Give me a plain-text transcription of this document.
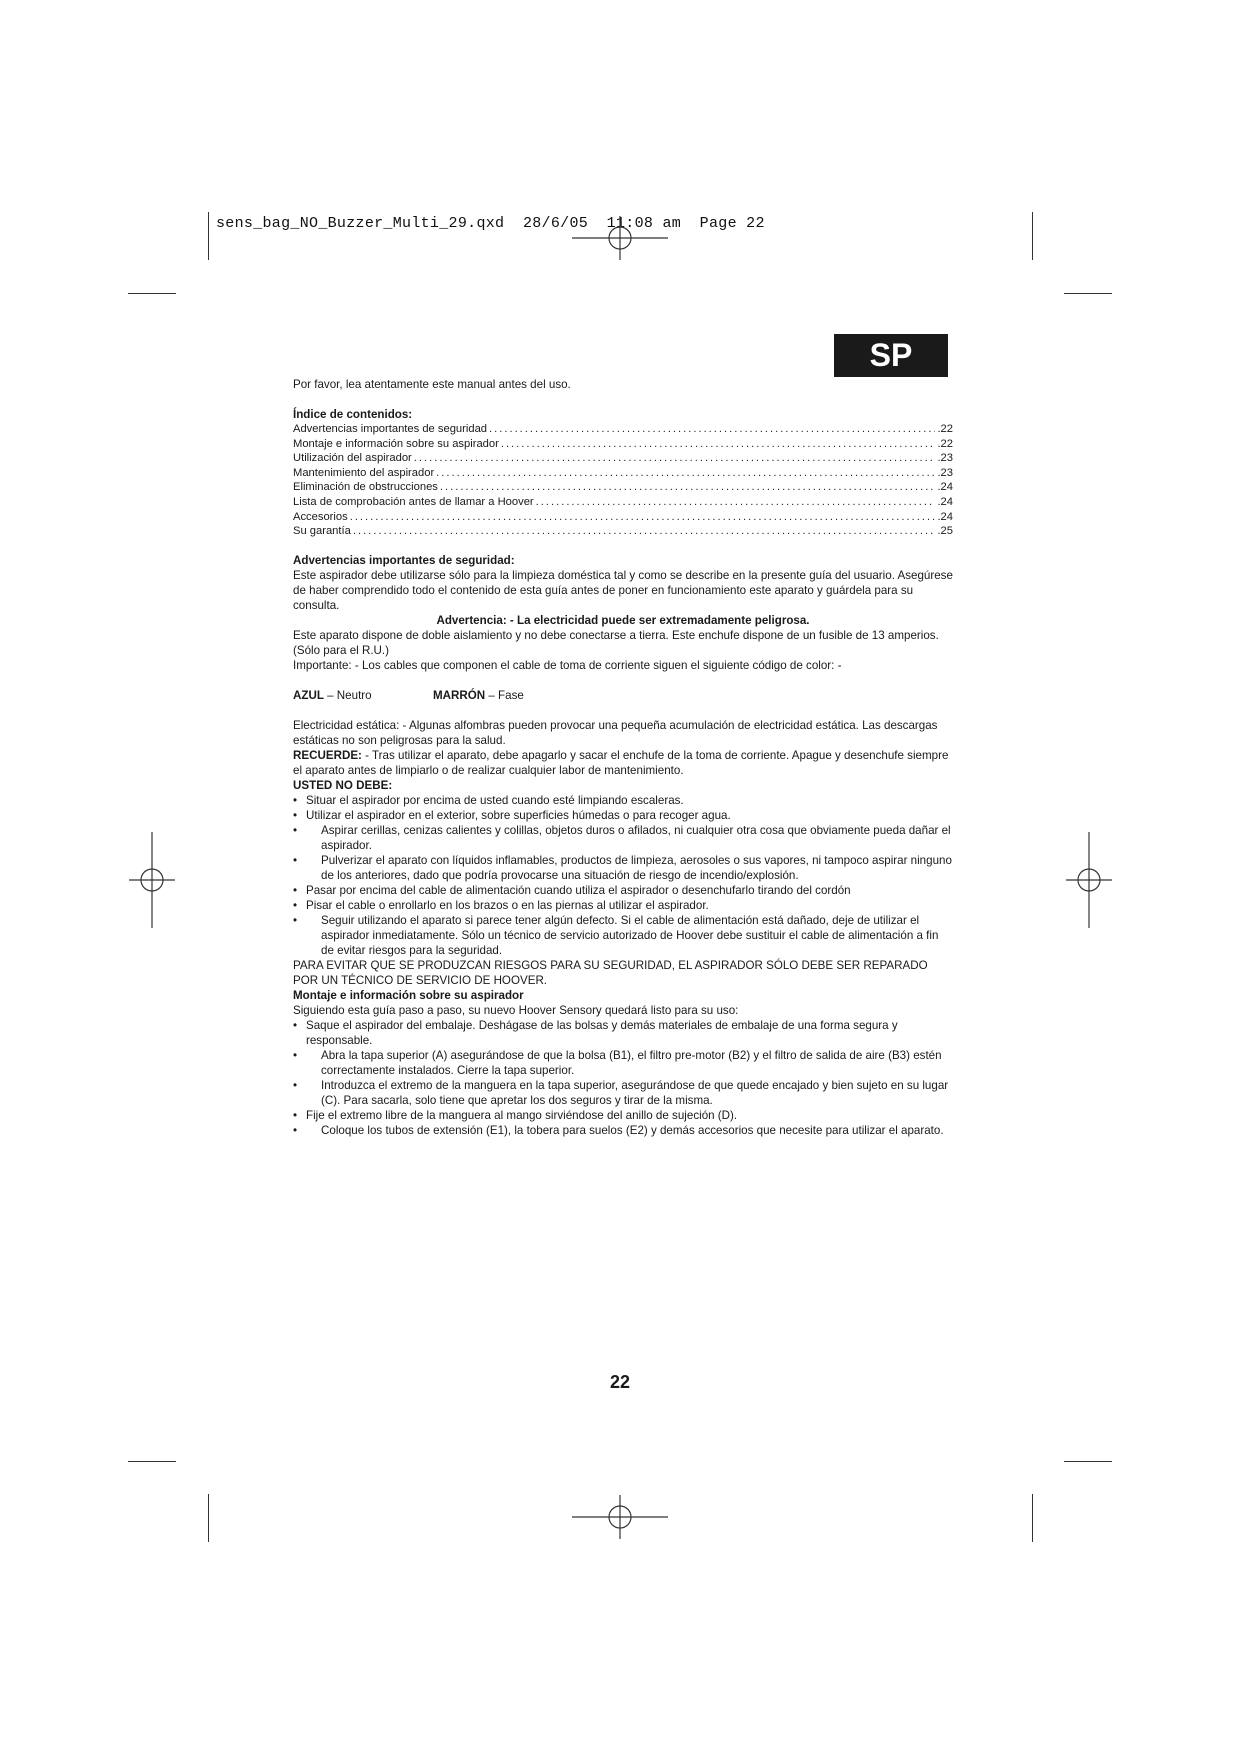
sens_bag_NO_Buzzer_Multi_29.qxd  28/6/05  11:08 am  Page 22
SP

Por favor, lea atentamente este manual antes del uso.

Índice de contenidos:

Advertencias importantes de seguridad .....	.22
Montaje e información sobre su aspirador .....	.22
Utilización del aspirador .....	.23
Mantenimiento del aspirador .....	.23
Eliminación de obstrucciones .....	.24
Lista de comprobación antes de llamar a Hoover .....	.24
Accesorios .....	.24
Su garantía .....	.25

Advertencias importantes de seguridad:

Este aspirador debe utilizarse sólo para la limpieza doméstica tal y como se describe en la presente guía del usuario. Asegúrese de haber comprendido todo el contenido de esta guía antes de poner en funcionamiento este aparato y guárdela para su consulta.

Advertencia: - La electricidad puede ser extremadamente peligrosa.

Este aparato dispone de doble aislamiento y no debe conectarse a tierra. Este enchufe dispone de un fusible de 13 amperios. (Sólo para el R.U.)

Importante: - Los cables que componen el cable de toma de corriente siguen el siguiente código de color: -

AZUL – Neutro	MARRÓN – Fase

Electricidad estática: - Algunas alfombras pueden provocar una pequeña acumulación de electricidad estática. Las descargas estáticas no son peligrosas para la salud.

RECUERDE: - Tras utilizar el aparato, debe apagarlo y sacar el enchufe de la toma de corriente. Apague y desenchufe siempre el aparato antes de limpiarlo o de realizar cualquier labor de mantenimiento.

USTED NO DEBE:

• Situar el aspirador por encima de usted cuando esté limpiando escaleras.
• Utilizar el aspirador en el exterior, sobre superficies húmedas o para recoger agua.
• Aspirar cerillas, cenizas calientes y colillas, objetos duros o afilados, ni cualquier otra cosa que obviamente pueda dañar el aspirador.
• Pulverizar el aparato con líquidos inflamables, productos de limpieza, aerosoles o sus vapores, ni tampoco aspirar ninguno de los anteriores, dado que podría provocarse una situación de riesgo de incendio/explosión.
• Pasar por encima del cable de alimentación cuando utiliza el aspirador o desenchufarlo tirando del cordón
• Pisar el cable o enrollarlo en los brazos o en las piernas al utilizar el aspirador.
• Seguir utilizando el aparato si parece tener algún defecto. Si el cable de alimentación está dañado, deje de utilizar el aspirador inmediatamente. Sólo un técnico de servicio autorizado de Hoover debe sustituir el cable de alimentación a fin de evitar riesgos para la seguridad.

PARA EVITAR QUE SE PRODUZCAN RIESGOS PARA SU SEGURIDAD, EL ASPIRADOR SÓLO DEBE SER REPARADO POR UN TÉCNICO DE SERVICIO DE HOOVER.

Montaje e información sobre su aspirador

Siguiendo esta guía paso a paso, su nuevo Hoover Sensory quedará listo para su uso:

• Saque el aspirador del embalaje. Deshágase de las bolsas y demás materiales de embalaje de una forma segura y responsable.
• Abra la tapa superior (A) asegurándose de que la bolsa (B1), el filtro pre-motor (B2) y el filtro de salida de aire (B3) estén correctamente instalados. Cierre la tapa superior.
• Introduzca el extremo de la manguera en la tapa superior, asegurándose de que quede encajado y bien sujeto en su lugar (C). Para sacarla, solo tiene que apretar los dos seguros y tirar de la misma.
• Fije el extremo libre de la manguera al mango sirviéndose del anillo de sujeción (D).
• Coloque los tubos de extensión (E1), la tobera para suelos (E2) y demás accesorios que necesite para utilizar el aparato.
22
